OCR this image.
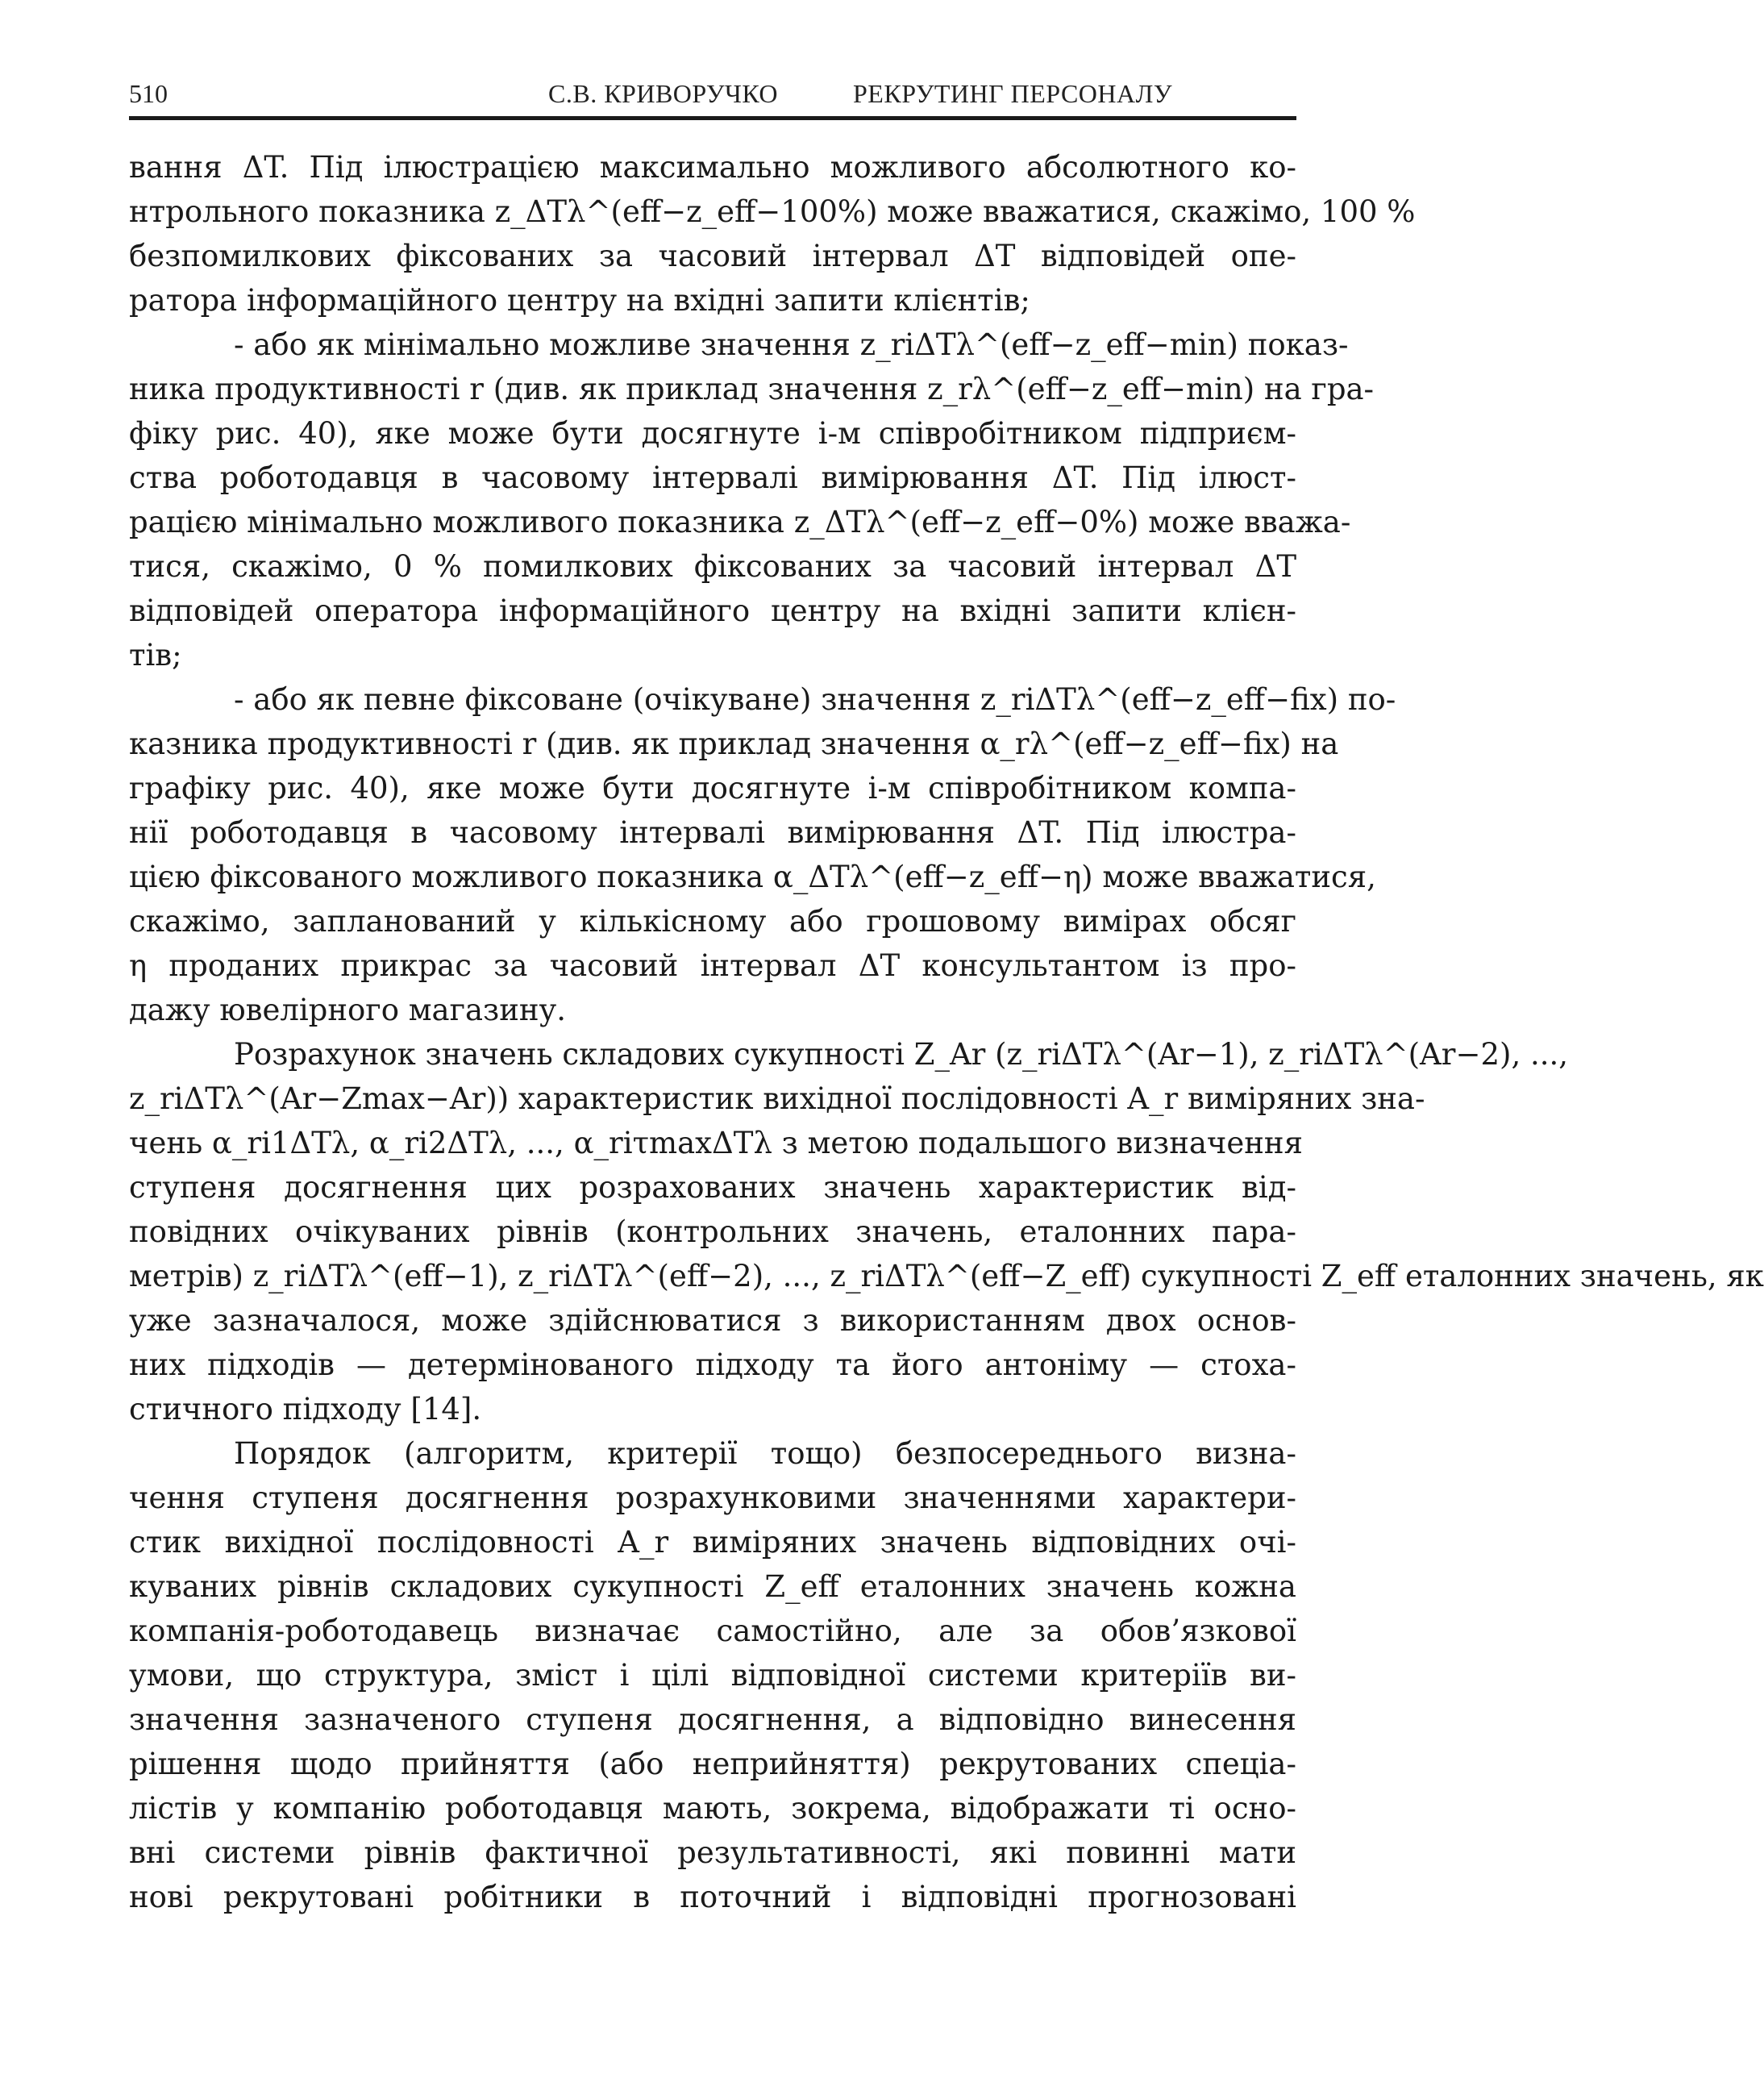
510	С.В. КРИВОРУЧКО	РЕКРУТИНГ ПЕРСОНАЛУ
вання ΔT. Під ілюстрацією максимально можливого абсолютного ко-
нтрольного показника z_ΔTλ^(eff−z_eff−100%) може вважатися, скажімо, 100 %
безпомилкових фіксованих за часовий інтервал ΔT відповідей опе-
ратора інформаційного центру на вхідні запити клієнтів;
- або як мінімально можливе значення z_riΔTλ^(eff−z_eff−min) показ-
ника продуктивності r (див. як приклад значення z_rλ^(eff−z_eff−min) на гра-
фіку рис. 40), яке може бути досягнуте i-м співробітником підприєм-
ства роботодавця в часовому інтервалі вимірювання ΔT. Під ілюст-
рацією мінімально можливого показника z_ΔTλ^(eff−z_eff−0%) може вважа-
тися, скажімо, 0 % помилкових фіксованих за часовий інтервал ΔT
відповідей оператора інформаційного центру на вхідні запити клієн-
тів;
- або як певне фіксоване (очікуване) значення z_riΔTλ^(eff−z_eff−fix) по-
казника продуктивності r (див. як приклад значення α_rλ^(eff−z_eff−fix) на
графіку рис. 40), яке може бути досягнуте i-м співробітником компа-
нії роботодавця в часовому інтервалі вимірювання ΔT. Під ілюстра-
цією фіксованого можливого показника α_ΔTλ^(eff−z_eff−η) може вважатися,
скажімо, запланований у кількісному або грошовому вимірах обсяг
η проданих прикрас за часовий інтервал ΔT консультантом із про-
дажу ювелірного магазину.
Розрахунок значень складових сукупності Z_Ar (z_riΔTλ^(Ar−1), z_riΔTλ^(Ar−2), ...,
z_riΔTλ^(Ar−Zmax−Ar)) характеристик вихідної послідовності A_r виміряних зна-
чень α_ri1ΔTλ, α_ri2ΔTλ, ..., α_riτmaxΔTλ з метою подальшого визначення
ступеня досягнення цих розрахованих значень характеристик від-
повідних очікуваних рівнів (контрольних значень, еталонних пара-
метрів) z_riΔTλ^(eff−1), z_riΔTλ^(eff−2), ..., z_riΔTλ^(eff−Z_eff) сукупності Z_eff еталонних значень, як
уже зазначалося, може здійснюватися з використанням двох основ-
них підходів — детермінованого підходу та його антоніму — стоха-
стичного підходу [14].
Порядок (алгоритм, критерії тощо) безпосереднього визна-
чення ступеня досягнення розрахунковими значеннями характери-
стик вихідної послідовності A_r виміряних значень відповідних очі-
куваних рівнів складових сукупності Z_eff еталонних значень кожна
компанія-роботодавець визначає самостійно, але за обов’язкової
умови, що структура, зміст і цілі відповідної системи критеріїв ви-
значення зазначеного ступеня досягнення, а відповідно винесення
рішення щодо прийняття (або неприйняття) рекрутованих спеціа-
лістів у компанію роботодавця мають, зокрема, відображати ті осно-
вні системи рівнів фактичної результативності, які повинні мати
нові рекрутовані робітники в поточний і відповідні прогнозовані
